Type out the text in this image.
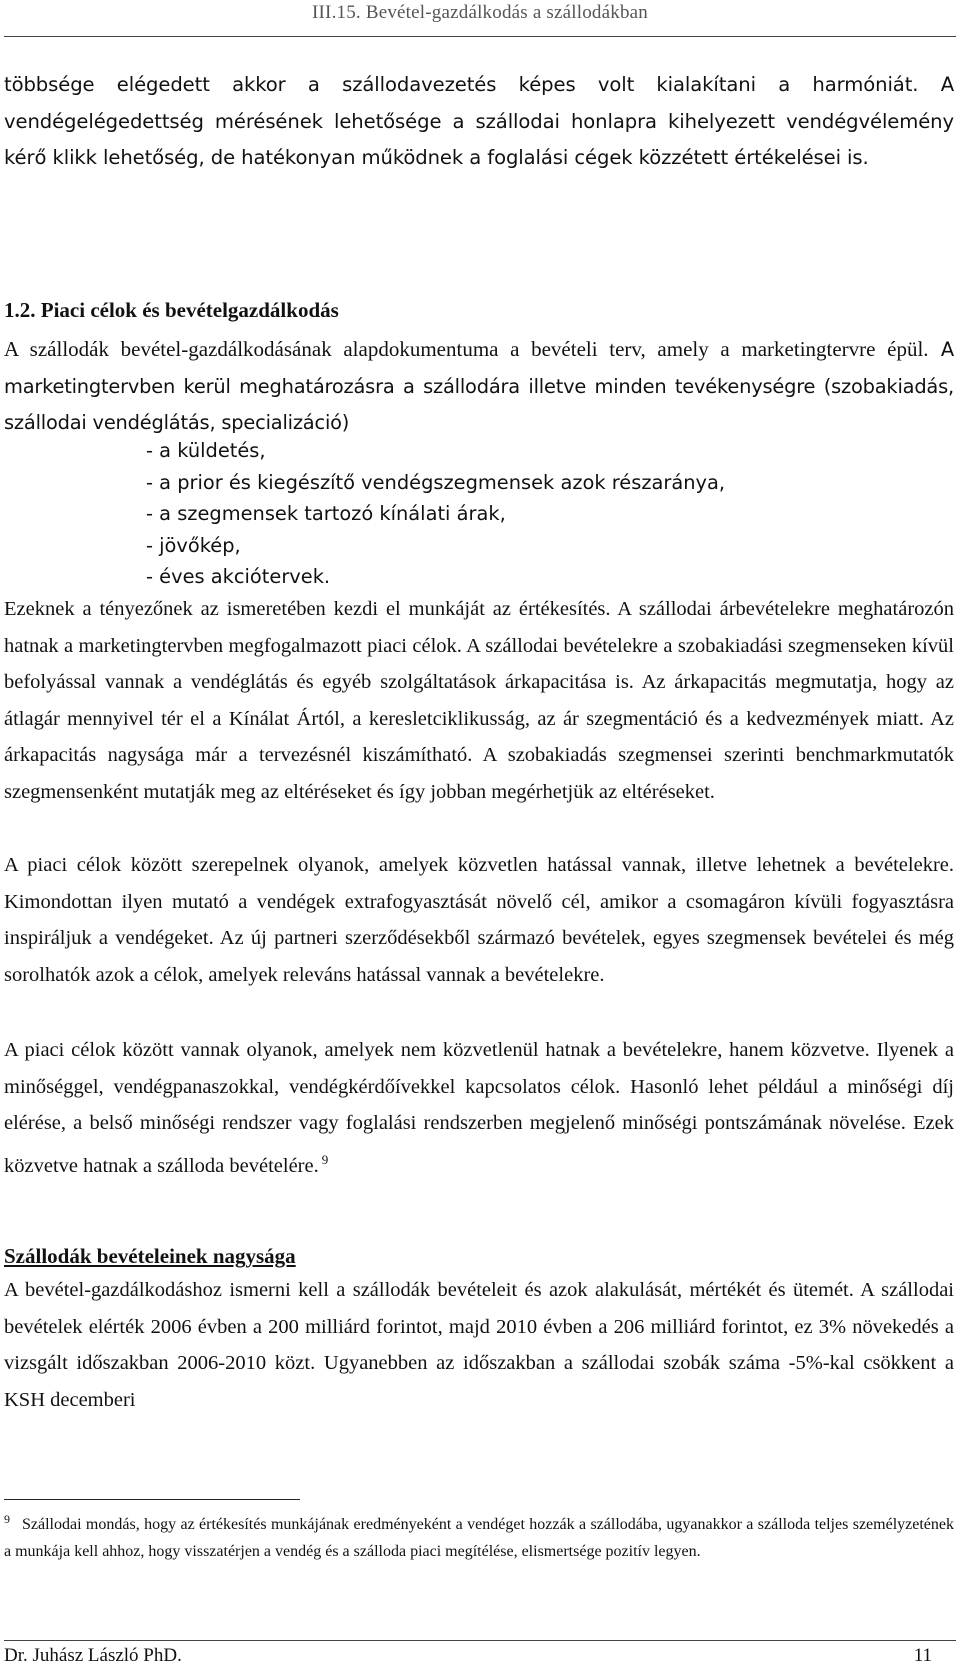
III.15. Bevétel-gazdálkodás a szállodákban

többsége elégedett akkor a szállodavezetés képes volt kialakítani a harmóniát. A vendégelégedettség mérésének lehetősége a szállodai honlapra kihelyezett vendégvélemény kérő klikk lehetőség, de hatékonyan működnek a foglalási cégek közzétett értékelései is.

1.2. Piaci célok és bevételgazdálkodás

A szállodák bevétel-gazdálkodásának alapdokumentuma a bevételi terv, amely a marketingtervre épül. A marketingtervben kerül meghatározásra a szállodára illetve minden tevékenységre (szobakiadás, szállodai vendéglátás, specializáció)

- a küldetés,
- a prior és kiegészítő vendégszegmensek azok részaránya,
- a szegmensek tartozó kínálati árak,
- jövőkép,
- éves akciótervek.

Ezeknek a tényezőnek az ismeretében kezdi el munkáját az értékesítés. A szállodai árbevételekre meghatározón hatnak a marketingtervben megfogalmazott piaci célok. A szállodai bevételekre a szobakiadási szegmenseken kívül befolyással vannak a vendéglátás és egyéb szolgáltatások árkapacitása is. Az árkapacitás megmutatja, hogy az átlagár mennyivel tér el a Kínálat Ártól, a keresletciklikusság, az ár szegmentáció és a kedvezmények miatt. Az árkapacitás nagysága már a tervezésnél kiszámítható. A szobakiadás szegmensei szerinti benchmarkmutatók szegmensenként mutatják meg az eltéréseket és így jobban megérhetjük az eltéréseket.

A piaci célok között szerepelnek olyanok, amelyek közvetlen hatással vannak, illetve lehetnek a bevételekre. Kimondottan ilyen mutató a vendégek extrafogyasztását növelő cél, amikor a csomagáron kívüli fogyasztásra inspiráljuk a vendégeket. Az új partneri szerződésekből származó bevételek, egyes szegmensek bevételei és még sorolhatók azok a célok, amelyek releváns hatással vannak a bevételekre.

A piaci célok között vannak olyanok, amelyek nem közvetlenül hatnak a bevételekre, hanem közvetve. Ilyenek a minőséggel, vendégpanaszokkal, vendégkérdőívekkel kapcsolatos célok. Hasonló lehet például a minőségi díj elérése, a belső minőségi rendszer vagy foglalási rendszerben megjelenő minőségi pontszámának növelése. Ezek közvetve hatnak a szálloda bevételére. $^9$

Szállodák bevételeinek nagysága

A bevétel-gazdálkodáshoz ismerni kell a szállodák bevételeit és azok alakulását, mértékét és ütemét. A szállodai bevételek elérték 2006 évben a 200 milliárd forintot, majd 2010 évben a 206 milliárd forintot, ez 3% növekedés a vizsgált időszakban 2006-2010 közt. Ugyanebben az időszakban a szállodai szobák száma -5%-kal csökkent a KSH decemberi

$^9$ Szállodai mondás, hogy az értékesítés munkájának eredményeként a vendéget hozzák a szállodába, ugyanakkor a szálloda teljes személyzetének a munkája kell ahhoz, hogy visszatérjen a vendég és a szálloda piaci megítélése, elismertsége pozitív legyen.

Dr. Juhász László PhD.	11
